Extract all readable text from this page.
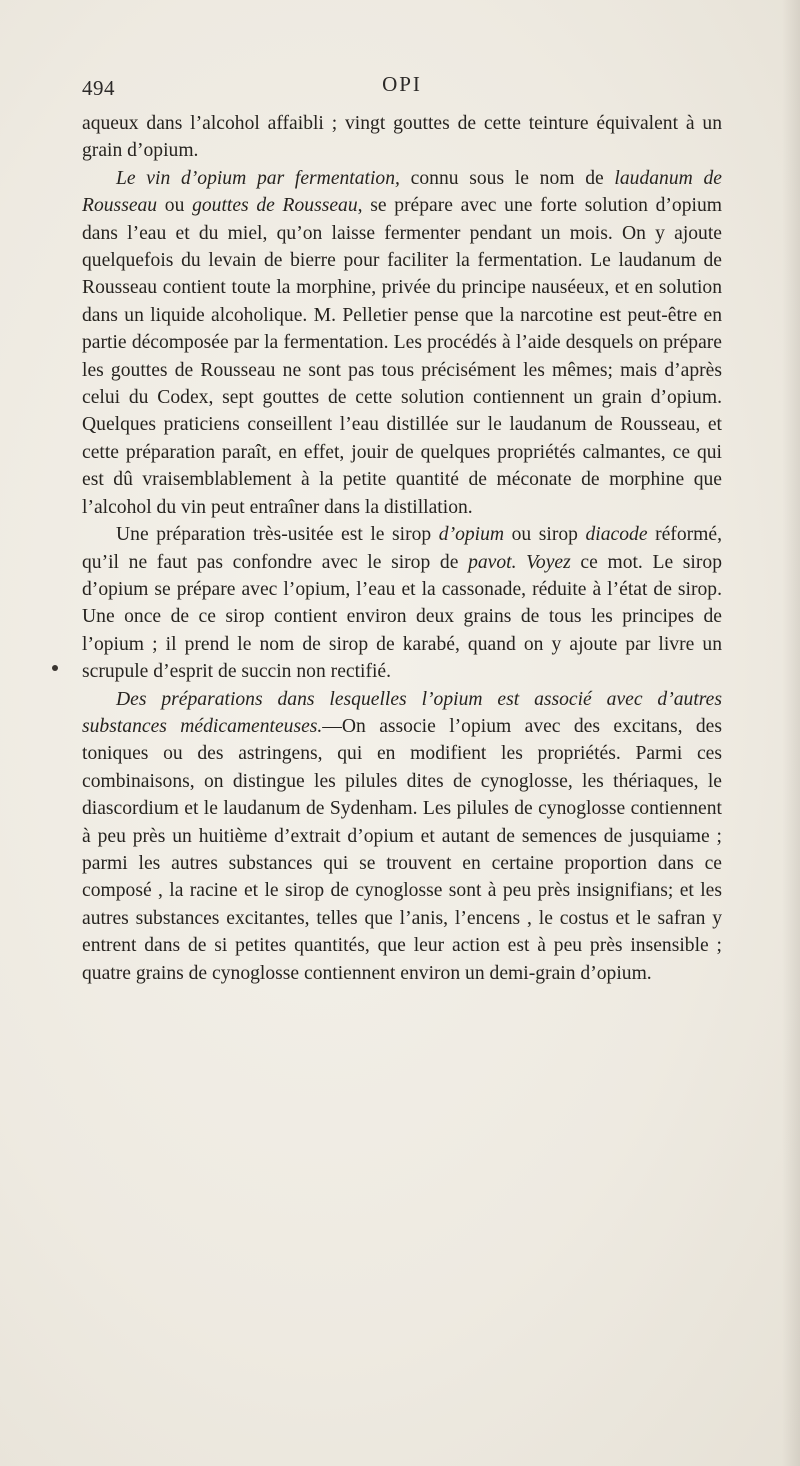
494	OPI

aqueux dans l’alcohol affaibli ; vingt gouttes de cette teinture équivalent à un grain d’opium.

Le vin d’opium par fermentation, connu sous le nom de laudanum de Rousseau ou gouttes de Rousseau, se prépare avec une forte solution d’opium dans l’eau et du miel, qu’on laisse fermenter pendant un mois. On y ajoute quelquefois du levain de bierre pour faciliter la fermentation. Le laudanum de Rousseau contient toute la morphine, privée du principe nauséeux, et en solution dans un liquide alcoholique. M. Pelletier pense que la narcotine est peut-être en partie décomposée par la fermentation. Les procédés à l’aide desquels on prépare les gouttes de Rousseau ne sont pas tous précisément les mêmes; mais d’après celui du Codex, sept gouttes de cette solution contiennent un grain d’opium. Quelques praticiens conseillent l’eau distillée sur le laudanum de Rousseau, et cette préparation paraît, en effet, jouir de quelques propriétés calmantes, ce qui est dû vraisemblablement à la petite quantité de méconate de morphine que l’alcohol du vin peut entraîner dans la distillation.

Une préparation très-usitée est le sirop d’opium ou sirop diacode réformé, qu’il ne faut pas confondre avec le sirop de pavot. Voyez ce mot. Le sirop d’opium se prépare avec l’opium, l’eau et la cassonade, réduite à l’état de sirop. Une once de ce sirop contient environ deux grains de tous les principes de l’opium ; il prend le nom de sirop de karabé, quand on y ajoute par livre un scrupule d’esprit de succin non rectifié.

Des préparations dans lesquelles l’opium est associé avec d’autres substances médicamenteuses.—On associe l’opium avec des excitans, des toniques ou des astringens, qui en modifient les propriétés. Parmi ces combinaisons, on distingue les pilules dites de cynoglosse, les thériaques, le diascordium et le laudanum de Sydenham. Les pilules de cynoglosse contiennent à peu près un huitième d’extrait d’opium et autant de semences de jusquiame ; parmi les autres substances qui se trouvent en certaine proportion dans ce composé , la racine et le sirop de cynoglosse sont à peu près insignifians; et les autres substances excitantes, telles que l’anis, l’encens , le costus et le safran y entrent dans de si petites quantités, que leur action est à peu près insensible ; quatre grains de cynoglosse contiennent environ un demi-grain d’opium.
